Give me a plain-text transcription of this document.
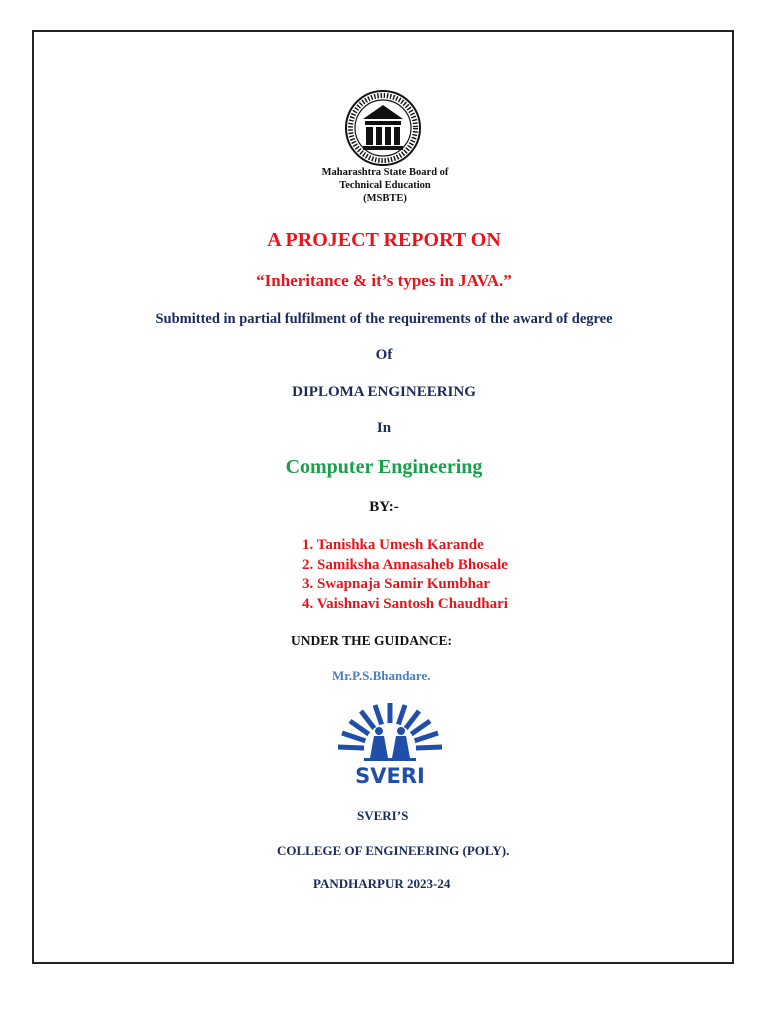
Maharashtra State Board of
Technical Education
(MSBTE)
A PROJECT REPORT ON
“Inheritance & it’s types in JAVA.”
Submitted in partial fulfilment of the requirements of the award of degree
Of
DIPLOMA ENGINEERING
In
Computer Engineering
BY:-
1. Tanishka Umesh Karande
2. Samiksha Annasaheb Bhosale
3. Swapnaja Samir Kumbhar
4. Vaishnavi Santosh Chaudhari
UNDER THE GUIDANCE:
Mr.P.S.Bhandare.
SVERI
SVERI’S
COLLEGE OF ENGINEERING (POLY).
PANDHARPUR 2023-24
